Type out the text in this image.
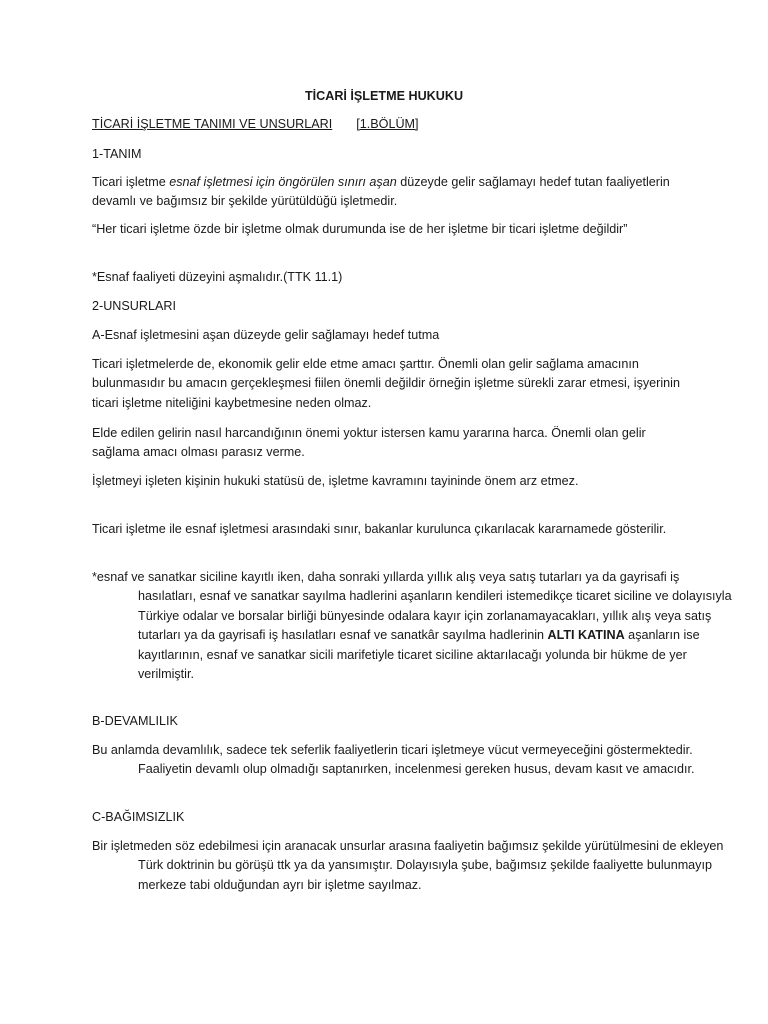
TİCARİ İŞLETME HUKUKU

TİCARİ İŞLETME TANIMI VE UNSURLARI [1.BÖLÜM]

1-TANIM

Ticari işletme esnaf işletmesi için öngörülen sınırı aşan düzeyde gelir sağlamayı hedef tutan faaliyetlerin devamlı ve bağımsız bir şekilde yürütüldüğü işletmedir.

“Her ticari işletme özde bir işletme olmak durumunda ise de her işletme bir ticari işletme değildir”

*Esnaf faaliyeti düzeyini aşmalıdır.(TTK 11.1)

2-UNSURLARI

A-Esnaf işletmesini aşan düzeyde gelir sağlamayı hedef tutma

Ticari işletmelerde de, ekonomik gelir elde etme amacı şarttır. Önemli olan gelir sağlama amacının bulunmasıdır bu amacın gerçekleşmesi fiilen önemli değildir örneğin işletme sürekli zarar etmesi, işyerinin ticari işletme niteliğini kaybetmesine neden olmaz.

Elde edilen gelirin nasıl harcandığının önemi yoktur istersen kamu yararına harca. Önemli olan gelir sağlama amacı olması parasız verme.

İşletmeyi işleten kişinin hukuki statüsü de, işletme kavramını tayininde önem arz etmez.

Ticari işletme ile esnaf işletmesi arasındaki sınır, bakanlar kurulunca çıkarılacak kararnamede gösterilir.

*esnaf ve sanatkar siciline kayıtlı iken, daha sonraki yıllarda yıllık alış veya satış tutarları ya da gayrisafi iş hasılatları, esnaf ve sanatkar sayılma hadlerini aşanların kendileri istemedikçe ticaret siciline ve dolayısıyla Türkiye odalar ve borsalar birliği bünyesinde odalara kayır için zorlanamayacakları, yıllık alış veya satış tutarları ya da gayrisafi iş hasılatları esnaf ve sanatkâr sayılma hadlerinin ALTI KATINA aşanların ise kayıtlarının, esnaf ve sanatkar sicili marifetiyle ticaret siciline aktarılacağı yolunda bir hükme de yer verilmiştir.

B-DEVAMLILIK

Bu anlamda devamlılık, sadece tek seferlik faaliyetlerin ticari işletmeye vücut vermeyeceğini göstermektedir. Faaliyetin devamlı olup olmadığı saptanırken, incelenmesi gereken husus, devam kasıt ve amacıdır.

C-BAĞIMSIZLIK

Bir işletmeden söz edebilmesi için aranacak unsurlar arasına faaliyetin bağımsız şekilde yürütülmesini de ekleyen Türk doktrinin bu görüşü ttk ya da yansımıştır. Dolayısıyla şube, bağımsız şekilde faaliyette bulunmayıp merkeze tabi olduğundan ayrı bir işletme sayılmaz.
